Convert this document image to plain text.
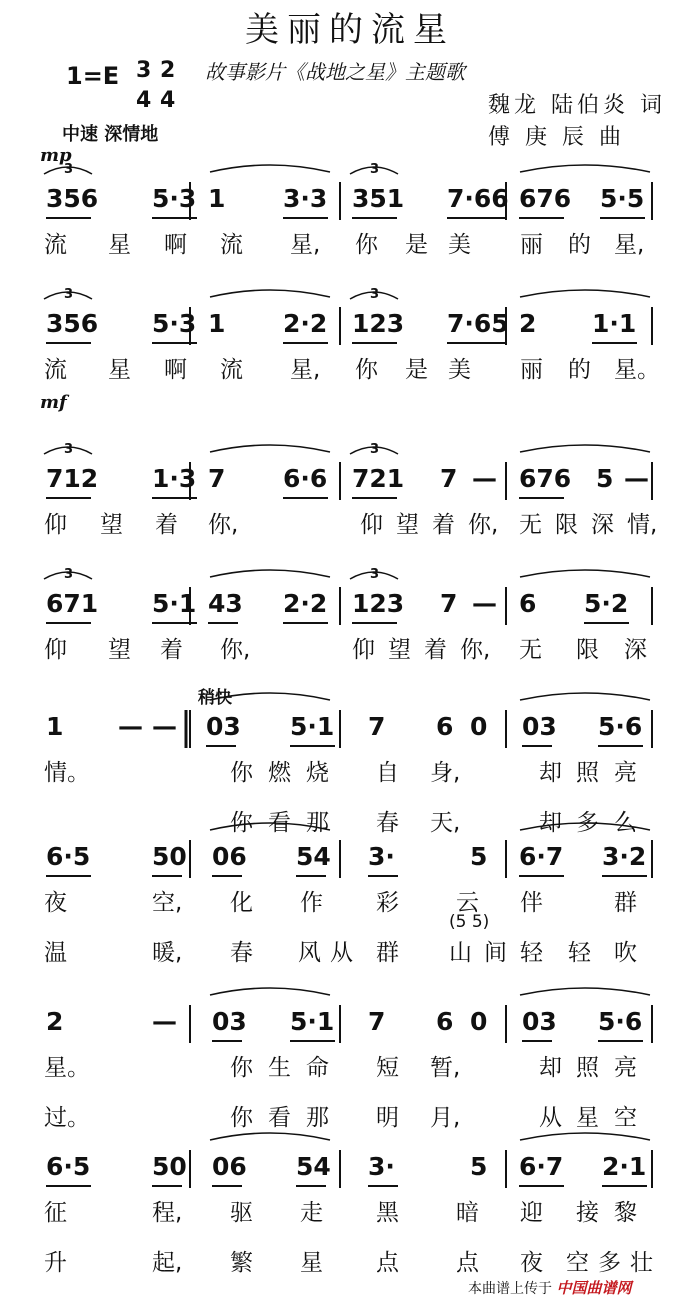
美丽的流星
故事影片《战地之星》主题歌
1=E 3
4
2
4	魏龙 陆伯炎 词
傅 庚 辰 曲
中速 深情地
mp
mf
稍快
(5 5)
本曲谱上传于 中国曲谱网
356 5·3 1 3·3 351 7·66 676 5·5
3	3
流 星 啊 流 星, 你 是 美 丽 的 星,
356 5·3 1 2·2 123 7·65 2 1·1
3	3
流 星 啊 流 星, 你 是 美 丽 的 星。
712 1·3 7 6·6 721 7 — 676 5 —
3	3
仰 望 着 你,	仰 望 着 你, 无 限 深 情,
671 5·1 43 2·2 123 7 — 6 5·2
3	3
仰 望 着 你,	仰 望 着 你, 无 限 深
1 — — 03 5·1 7 6 0 03 5·6
情。	你 燃 烧 自 身,	却 照 亮
你 看 那 春 天,	却 多 么
6·5 50 06 54 3·	5 6·7 3·2
夜	空, 化 作 彩 云 伴	群
温	暖, 春 风 从 群 山 间 轻 轻 吹
2	— 03 5·1 7 6 0 03 5·6
星。	你 生 命 短 暂,	却 照 亮
过。	你 看 那 明 月,	从 星 空
6·5 50 06 54 3·	5 6·7 2·1
征	程, 驱 走 黑 暗 迎 接 黎
升	起, 繁 星 点 点 夜 空 多 壮
